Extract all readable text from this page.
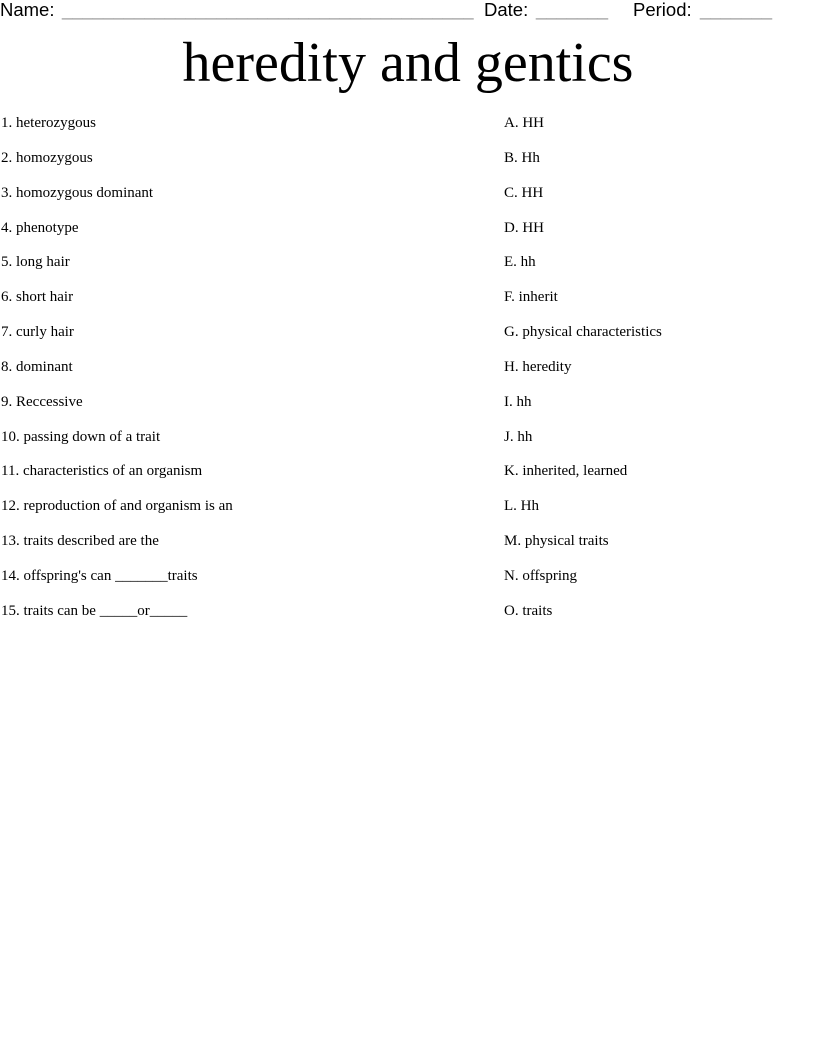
Name: ________________________________________ Date: _______ Period: _______
heredity and gentics
1. heterozygous
2. homozygous
3. homozygous dominant
4. phenotype
5. long hair
6. short hair
7. curly hair
8. dominant
9. Reccessive
10. passing down of a trait
11. characteristics of an organism
12. reproduction of and organism is an
13. traits described are the
14. offspring's can _______traits
15. traits can be _____or_____
A. HH
B. Hh
C. HH
D. HH
E. hh
F. inherit
G. physical characteristics
H. heredity
I. hh
J. hh
K. inherited, learned
L. Hh
M. physical traits
N. offspring
O. traits
